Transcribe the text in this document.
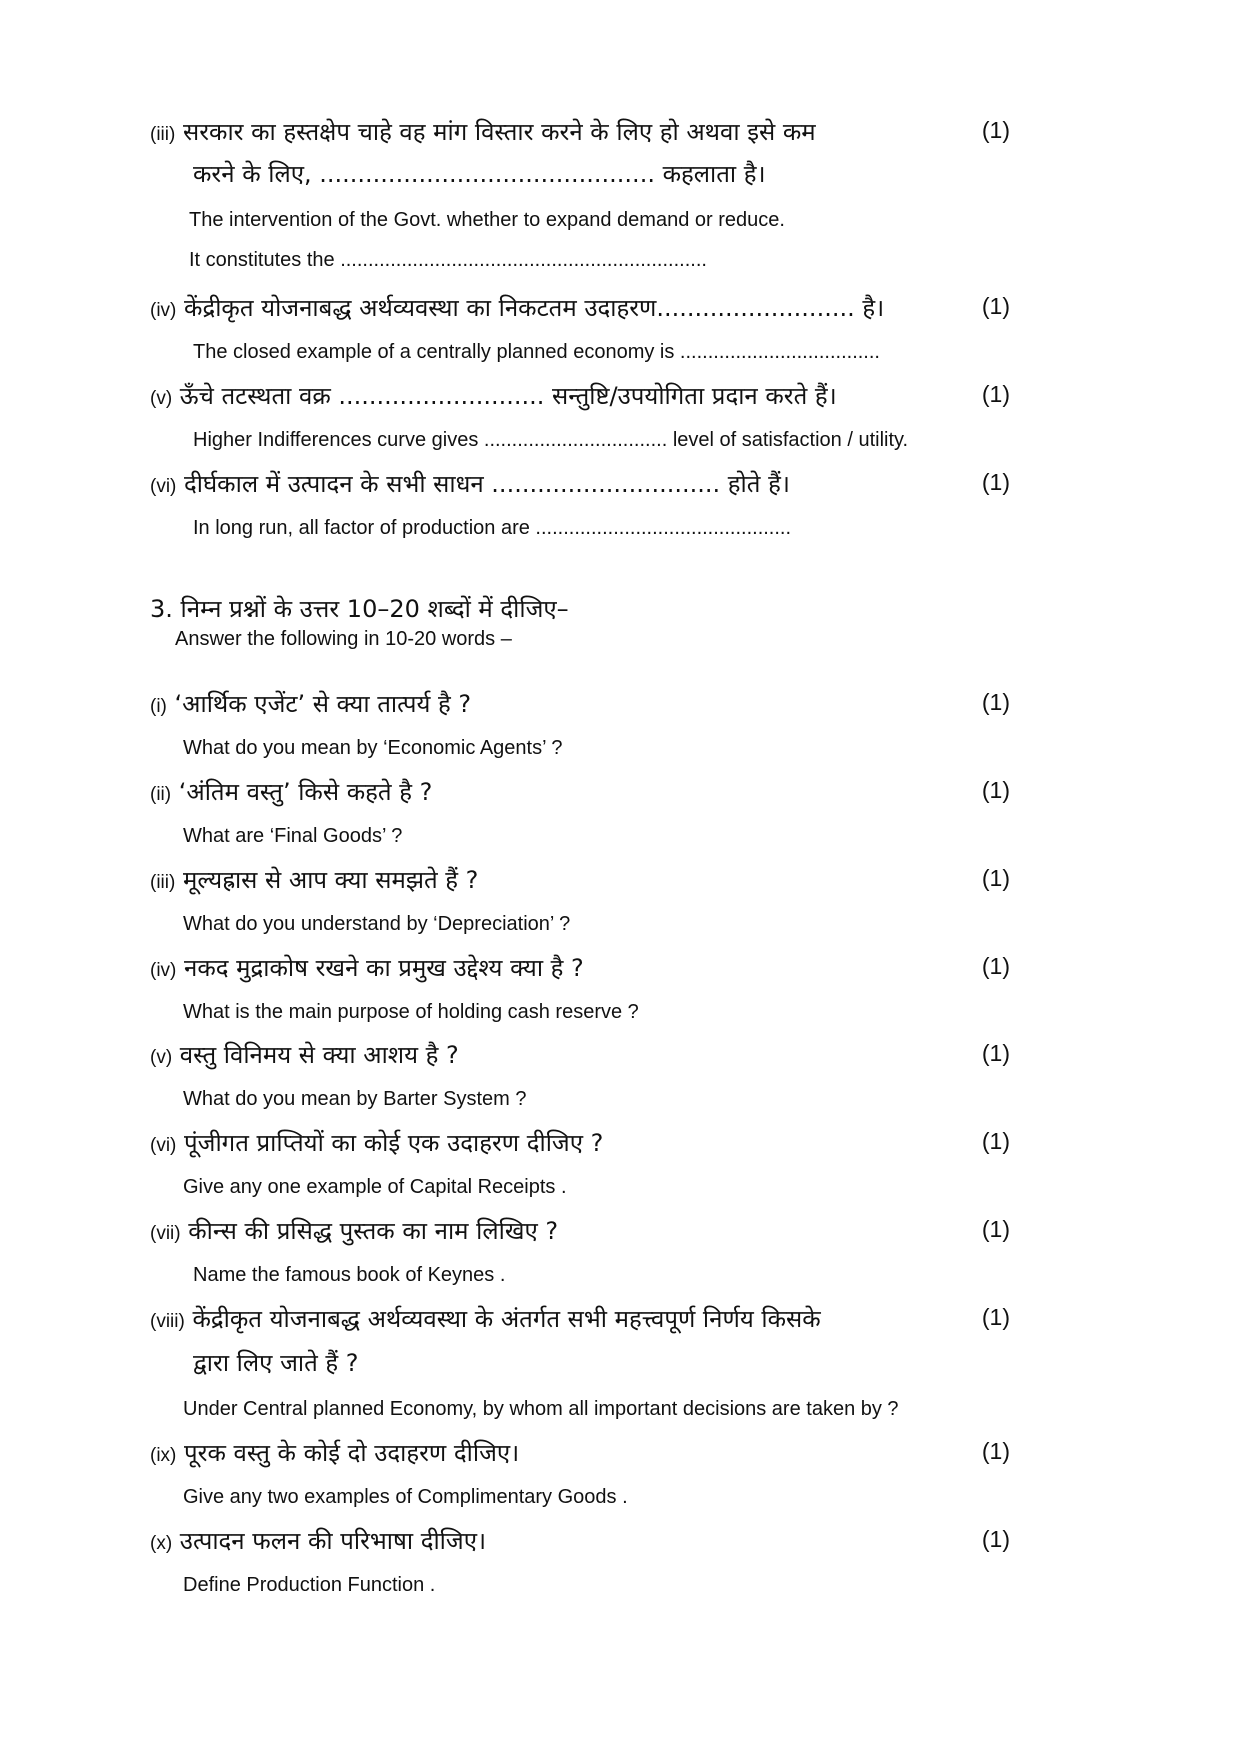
(iii) सरकार का हस्तक्षेप चाहे वह मांग विस्तार करने के लिए हो अथवा इसे कम	(1)
करने के लिए, ............................................ कहलाता है।
The intervention of the Govt. whether to expand demand or reduce.
It constitutes the ..................................................................
(iv) केंद्रीकृत योजनाबद्ध अर्थव्यवस्था का निकटतम उदाहरण.......................... है।	(1)
The closed example of a centrally planned economy is ....................................
(v) ऊँचे तटस्थता वक्र ........................... सन्तुष्टि/उपयोगिता प्रदान करते हैं।	(1)
Higher Indifferences curve gives ................................. level of satisfaction / utility.
(vi) दीर्घकाल में उत्पादन के सभी साधन .............................. होते हैं।	(1)
In long run, all factor of production are ..............................................
3. निम्न प्रश्नों के उत्तर 10–20 शब्दों में दीजिए–
Answer the following in 10-20 words –
(i) ‘आर्थिक एजेंट’ से क्या तात्पर्य है ?	(1)
What do you mean by ‘Economic Agents’ ?
(ii) ‘अंतिम वस्तु’ किसे कहते है ?	(1)
What are ‘Final Goods’ ?
(iii) मूल्यह्रास से आप क्या समझते हैं ?	(1)
What do you understand by ‘Depreciation’ ?
(iv) नकद मुद्राकोष रखने का प्रमुख उद्देश्य क्या है ?	(1)
What is the main purpose of holding cash reserve ?
(v) वस्तु विनिमय से क्या आशय है ?	(1)
What do you mean by Barter System ?
(vi) पूंजीगत प्राप्तियों का कोई एक उदाहरण दीजिए ?	(1)
Give any one example of Capital Receipts .
(vii) कीन्स की प्रसिद्ध पुस्तक का नाम लिखिए ?	(1)
Name the famous book of Keynes .
(viii) केंद्रीकृत योजनाबद्ध अर्थव्यवस्था के अंतर्गत सभी महत्त्वपूर्ण निर्णय किसके	(1)
द्वारा लिए जाते हैं ?
Under Central planned Economy, by whom all important decisions are taken by ?
(ix) पूरक वस्तु के कोई दो उदाहरण दीजिए।	(1)
Give any two examples of Complimentary Goods .
(x) उत्पादन फलन की परिभाषा दीजिए।	(1)
Define Production Function .
